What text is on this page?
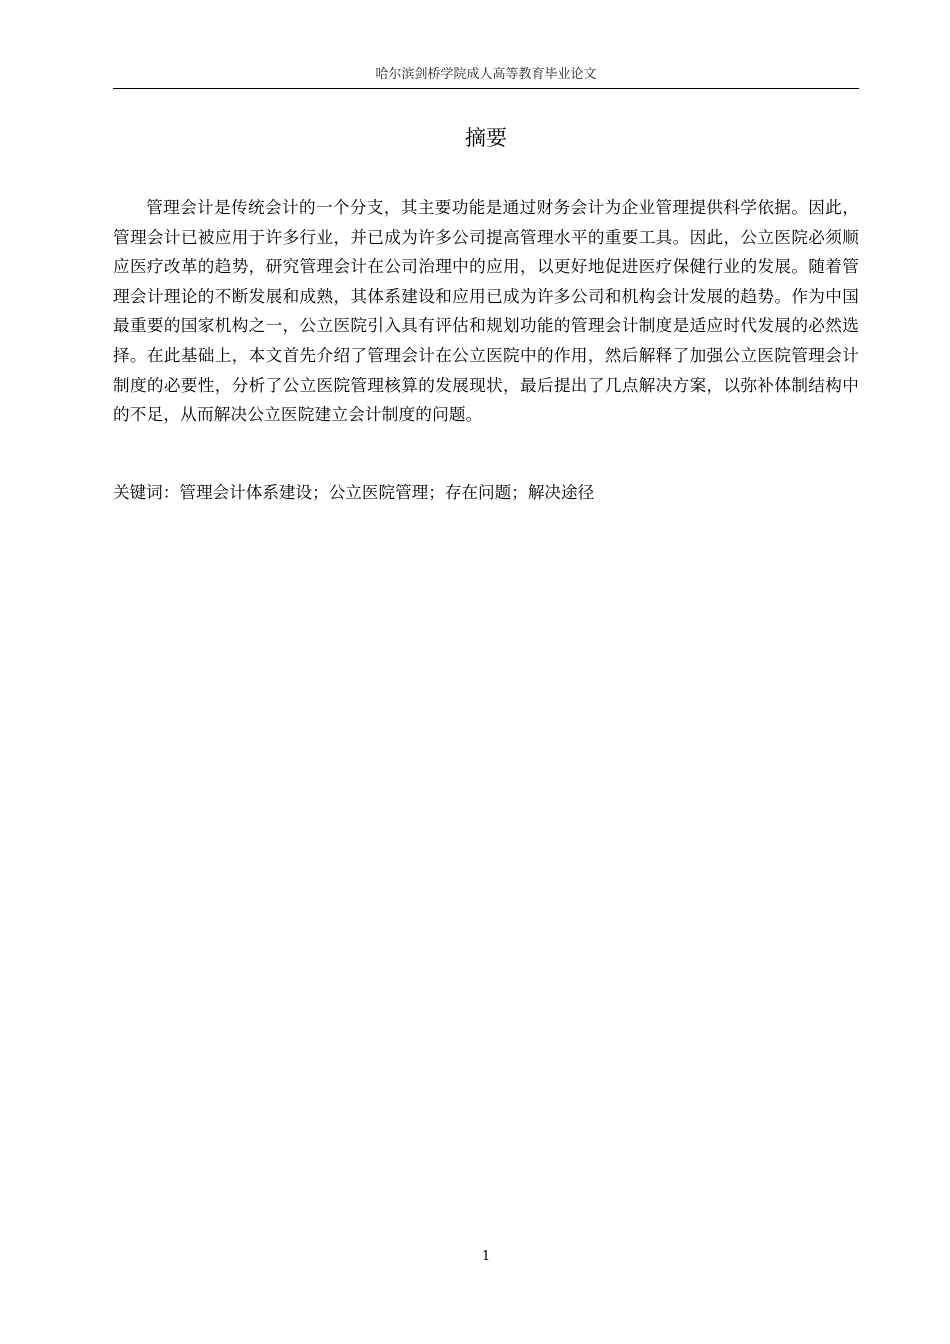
哈尔滨剑桥学院成人高等教育毕业论文
摘要

管理会计是传统会计的一个分支，其主要功能是通过财务会计为企业管理提供科学依据。因此，管理会计已被应用于许多行业，并已成为许多公司提高管理水平的重要工具。因此，公立医院必须顺应医疗改革的趋势，研究管理会计在公司治理中的应用，以更好地促进医疗保健行业的发展。随着管理会计理论的不断发展和成熟，其体系建设和应用已成为许多公司和机构会计发展的趋势。作为中国最重要的国家机构之一，公立医院引入具有评估和规划功能的管理会计制度是适应时代发展的必然选择。在此基础上，本文首先介绍了管理会计在公立医院中的作用，然后解释了加强公立医院管理会计制度的必要性，分析了公立医院管理核算的发展现状，最后提出了几点解决方案，以弥补体制结构中的不足，从而解决公立医院建立会计制度的问题。

关键词：管理会计体系建设；公立医院管理；存在问题；解决途径
1
